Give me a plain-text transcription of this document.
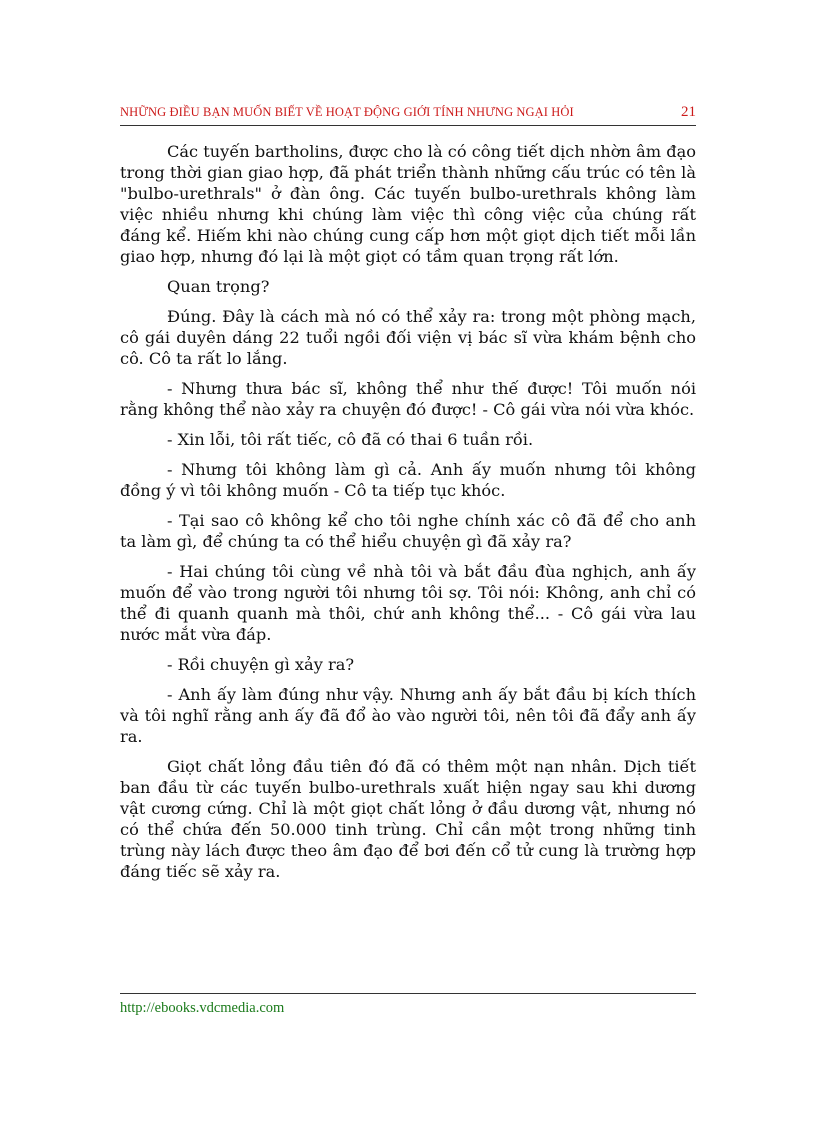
NHỮNG ĐIỀU BẠN MUỐN BIẾT VỀ HOẠT ĐỘNG GIỚI TÍNH NHƯNG NGẠI HỎI	21

Các tuyến bartholins, được cho là có công tiết dịch nhờn âm đạo trong thời gian giao hợp, đã phát triển thành những cấu trúc có tên là "bulbo-urethrals" ở đàn ông. Các tuyến bulbo-urethrals không làm việc nhiều nhưng khi chúng làm việc thì công việc của chúng rất đáng kể. Hiếm khi nào chúng cung cấp hơn một giọt dịch tiết mỗi lần giao hợp, nhưng đó lại là một giọt có tầm quan trọng rất lớn.

Quan trọng?

Đúng. Đây là cách mà nó có thể xảy ra: trong một phòng mạch, cô gái duyên dáng 22 tuổi ngồi đối viện vị bác sĩ vừa khám bệnh cho cô. Cô ta rất lo lắng.

- Nhưng thưa bác sĩ, không thể như thế được! Tôi muốn nói rằng không thể nào xảy ra chuyện đó được! - Cô gái vừa nói vừa khóc.

- Xin lỗi, tôi rất tiếc, cô đã có thai 6 tuần rồi.

- Nhưng tôi không làm gì cả. Anh ấy muốn nhưng tôi không đồng ý vì tôi không muốn - Cô ta tiếp tục khóc.

- Tại sao cô không kể cho tôi nghe chính xác cô đã để cho anh ta làm gì, để chúng ta có thể hiểu chuyện gì đã xảy ra?

- Hai chúng tôi cùng về nhà tôi và bắt đầu đùa nghịch, anh ấy muốn để vào trong người tôi nhưng tôi sợ. Tôi nói: Không, anh chỉ có thể đi quanh quanh mà thôi, chứ anh không thể... - Cô gái vừa lau nước mắt vừa đáp.

- Rồi chuyện gì xảy ra?

- Anh ấy làm đúng như vậy. Nhưng anh ấy bắt đầu bị kích thích và tôi nghĩ rằng anh ấy đã đổ ào vào người tôi, nên tôi đã đẩy anh ấy ra.

Giọt chất lỏng đầu tiên đó đã có thêm một nạn nhân. Dịch tiết ban đầu từ các tuyến bulbo-urethrals xuất hiện ngay sau khi dương vật cương cứng. Chỉ là một giọt chất lỏng ở đầu dương vật, nhưng nó có thể chứa đến 50.000 tinh trùng. Chỉ cần một trong những tinh trùng này lách được theo âm đạo để bơi đến cổ tử cung là trường hợp đáng tiếc sẽ xảy ra.

http://ebooks.vdcmedia.com
